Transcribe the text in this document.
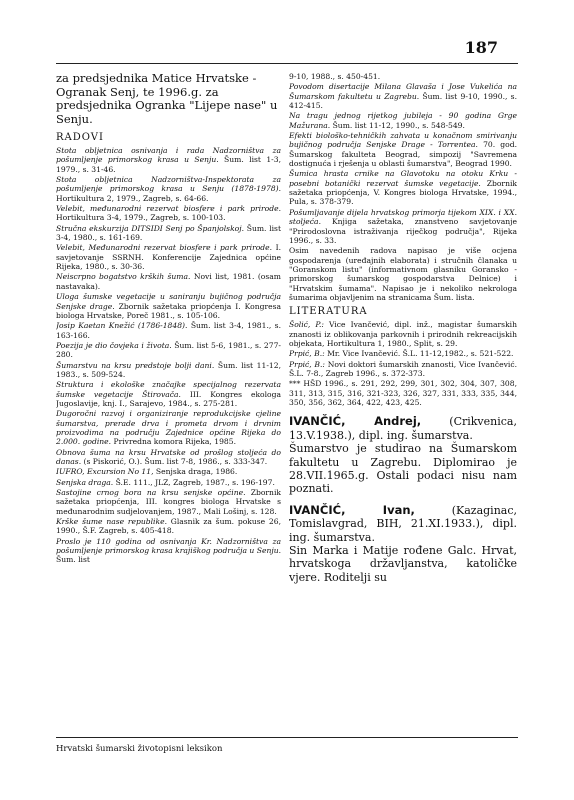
187

za predsjednika Matice Hrvatske - Ogranak Senj, te 1996.g. za predsjednika Ogranka "Lijepe nase" u Senju.

RADOVI

Stota obljetnica osnivanja i rada Nadzorništva za pošumljenje primorskog krasa u Senju. Šum. list 1-3, 1979., s. 31-46.

Stota obljetnica Nadzorništva-Inspektorata za pošumljenje primorskog krasa u Senju (1878-1978). Hortikultura 2, 1979., Zagreb, s. 64-66.

Velebit, međunarodni rezervat biosfere i park prirode. Hortikultura 3-4, 1979., Zagreb, s. 100-103.

Stručna ekskurzija DITSIDI Senj po Španjolskoj. Šum. list 3-4, 1980., s. 161-169.

Velebit, Međunarodni rezervat biosfere i park prirode. I. savjetovanje SSRNH. Konferencije Zajednica općine Rijeka, 1980., s. 30-36.

Neiscrpno bogatstvo krških šuma. Novi list, 1981. (osam nastavaka).

Uloga šumske vegetacije u saniranju bujičnog područja Senjske drage. Zbornik sažetaka priopćenja I. Kongresa biologa Hrvatske, Poreč 1981., s. 105-106.

Josip Kaetan Knežić (1786-1848). Šum. list 3-4, 1981., s. 163-166.

Poezija je dio čovjeka i života. Šum. list 5-6, 1981., s. 277-280.

Šumarstvu na krsu predstoje bolji dani. Šum. list 11-12, 1983., s. 509-524.

Strukturа i ekološke značajke specijalnog rezervata šumske vegetacije Štirovača. III. Kongres ekologa Jugoslavije, knj. I., Sarajevo, 1984., s. 275-281.

Dugoročni razvoj i organiziranje reprodukcijske cjeline šumarstva, prerade drva i prometa drvom i drvnim proizvodima na području Zajednice općine Rijeka do 2.000. godine. Privredna komora Rijeka, 1985.

Obnova šuma na krsu Hrvatske od prošlog stoljeća do danas. (s Piskorić, O.). Šum. list 7-8, 1986., s. 333-347.

IUFRO, Excursion No 11, Senjska draga, 1986.

Senjska draga. Š.E. 111., JLZ, Zagreb, 1987., s. 196-197.

Sastojine crnog bora na krsu senjske općine. Zbornik sažetaka priopćenja, III. kongres biologa Hrvatske s međunarodnim sudjelovanjem, 1987., Mali Lošinj, s. 128.

Krške šume nase republike. Glasnik za šum. pokuse 26, 1990., Š.F. Zagreb, s. 405-418.

Proslo je 110 godina od osnivanja Kr. Nadzorništva za pošumljenje primorskog krasa krajiškog područja u Senju. Šum. list

9-10, 1988., s. 450-451.

Povodom disertacije Milana Glavaša i Jose Vukelića na Šumarskom fakultetu u Zagrebu. Šum. list 9-10, 1990., s. 412-415.

Na tragu jednog rijetkog jubileja - 90 godina Grge Mažurana. Šum. list 11-12, 1990., s. 548-549.

Efekti biološko-tehničkih zahvata u konačnom smirivanju bujičnog područja Senjske Drage - Torrentea. 70. god. Šumarskog fakulteta Beograd, simpozij "Savremena dostignuća i rješenja u oblasti šumarstva", Beograd 1990.

Šumica hrasta crnike na Glavotoku na otoku Krku - posebni botanički rezervat šumske vegetacije. Zbornik sažetaka priopćenja, V. Kongres biologa Hrvatske, 1994., Pula, s. 378-379.

Pošumljavanje dijela hrvatskog primorja tijekom XIX. i XX. stoljeća. Knjiga sažetaka, znanstveno savjetovanje "Prirodoslovna istraživanja riječkog područja", Rijeka 1996., s. 33.

Osim navedenih radova napisao je više ocjena gospodarenja (uređajnih elaborata) i stručnih članaka u "Goranskom listu" (informativnom glasniku Goransko - primorskog šumarskog gospodarstva Delnice) i "Hrvatskim šumama". Napisao je i nekoliko nekrologa šumarima objavljenim na stranicama Šum. lista.

LITERATURA

Šolić, P.: Vice Ivančević, dipl. inž., magistar šumarskih znanosti iz oblikovanja parkovnih i prirodnih rekreacijskih objekata, Hortikultura 1, 1980., Split, s. 29.

Prpić, B.: Mr. Vice Ivančević. Š.L. 11-12,1982., s. 521-522.

Prpić, B.: Novi doktori šumarskih znanosti, Vice Ivančević. Š.L. 7-8., Zagreb 1996., s. 372-373.

*** HŠD 1996., s. 291, 292, 299, 301, 302, 304, 307, 308, 311, 313, 315, 316, 321-323, 326, 327, 331, 333, 335, 344, 350, 356, 362, 364, 422, 423, 425.

IVANČIĆ, Andrej, (Crikvenica, 13.V.1938.), dipl. ing. šumarstva.
Šumarstvo je studirao na Šumarskom fakultetu u Zagrebu. Diplomirao je 28.VII.1965.g. Ostali podaci nisu nam poznati.

IVANČIĆ, Ivan, (Kazaginac, Tomislavgrad, BIH, 21.XI.1933.), dipl. ing. šumarstva.
Sin Marka i Matije rođene Galc. Hrvat, hrvatskoga državljanstva, katoličke vjere. Roditelji su

Hrvatski šumarski životopisni leksikon
